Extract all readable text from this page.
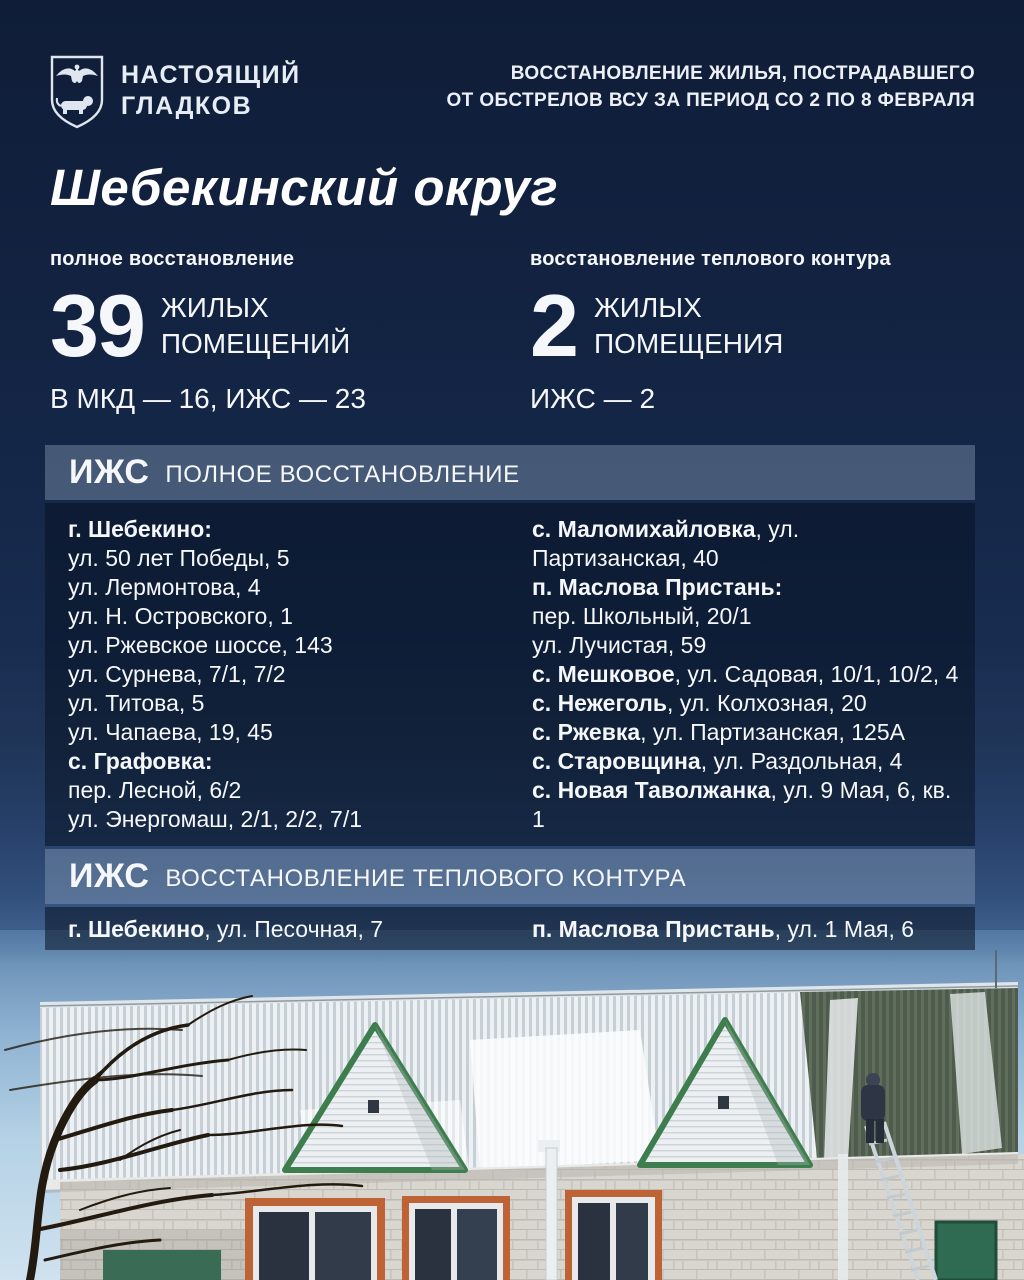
НАСТОЯЩИЙ
ГЛАДКОВ
ВОССТАНОВЛЕНИЕ ЖИЛЬЯ, ПОСТРАДАВШЕГО
ОТ ОБСТРЕЛОВ ВСУ ЗА ПЕРИОД СО 2 ПО 8 ФЕВРАЛЯ
Шебекинский округ
полное восстановление
39 ЖИЛЫХ
ПОМЕЩЕНИЙ
В МКД — 16, ИЖС — 23
восстановление теплового контура
2 ЖИЛЫХ
ПОМЕЩЕНИЯ
ИЖС — 2
ИЖС ПОЛНОЕ ВОССТАНОВЛЕНИЕ
г. Шебекино:
ул. 50 лет Победы, 5
ул. Лермонтова, 4
ул. Н. Островского, 1
ул. Ржевское шоссе, 143
ул. Сурнева, 7/1, 7/2
ул. Титова, 5
ул. Чапаева, 19, 45
с. Графовка:
пер. Лесной, 6/2
ул. Энергомаш, 2/1, 2/2, 7/1
с. Маломихайловка, ул. Партизанская, 40
п. Маслова Пристань:
пер. Школьный, 20/1
ул. Лучистая, 59
с. Мешковое, ул. Садовая, 10/1, 10/2, 4
с. Нежеголь, ул. Колхозная, 20
с. Ржевка, ул. Партизанская, 125А
с. Старовщина, ул. Раздольная, 4
с. Новая Таволжанка, ул. 9 Мая, 6, кв. 1
ИЖС ВОССТАНОВЛЕНИЕ ТЕПЛОВОГО КОНТУРА
г. Шебекино, ул. Песочная, 7	п. Маслова Пристань, ул. 1 Мая, 6
